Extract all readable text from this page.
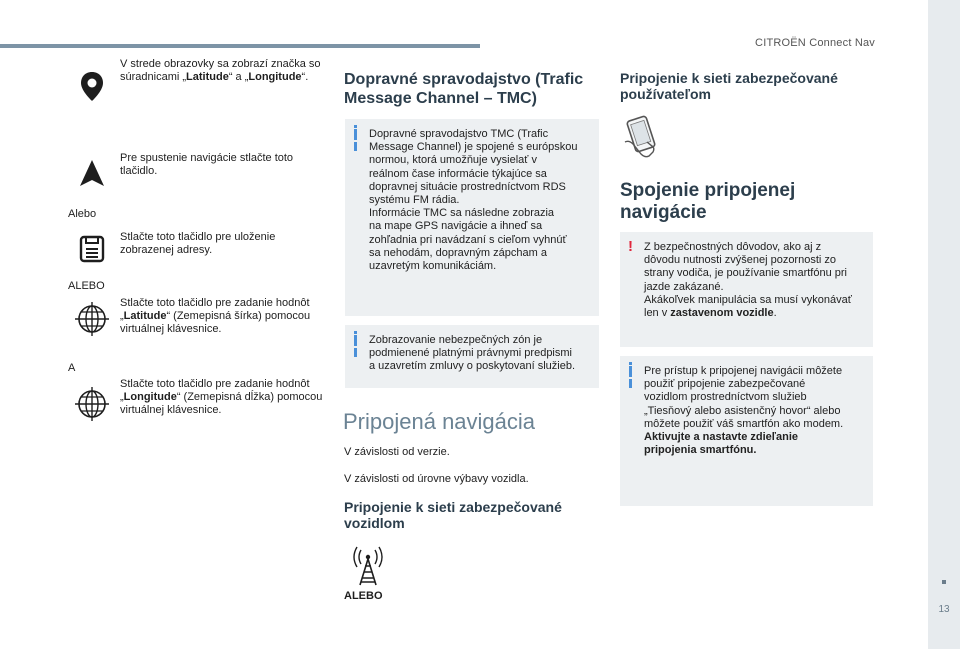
CITROËN Connect Nav
13
V strede obrazovky sa zobrazí značka so súradnicami „Latitude“ a „Longitude“.
Pre spustenie navigácie stlačte toto tlačidlo.
Alebo
Stlačte toto tlačidlo pre uloženie zobrazenej adresy.
ALEBO
Stlačte toto tlačidlo pre zadanie hodnôt „Latitude“ (Zemepisná šírka) pomocou virtuálnej klávesnice.
A
Stlačte toto tlačidlo pre zadanie hodnôt „Longitude“ (Zemepisná dĺžka) pomocou virtuálnej klávesnice.
Dopravné spravodajstvo (Trafic
Message Channel – TMC)
Dopravné spravodajstvo TMC (Trafic
Message Channel) je spojené s európskou
normou, ktorá umožňuje vysielať v
reálnom čase informácie týkajúce sa
dopravnej situácie prostredníctvom RDS
systému FM rádia.
Informácie TMC sa následne zobrazia
na mape GPS navigácie a ihneď sa
zohľadnia pri navádzaní s cieľom vyhnúť
sa nehodám, dopravným zápcham a
uzavretým komunikáciám.
Zobrazovanie nebezpečných zón je
podmienené platnými právnymi predpismi
a uzavretím zmluvy o poskytovaní služieb.
Pripojená navigácia
V závislosti od verzie.
V závislosti od úrovne výbavy vozidla.
Pripojenie k sieti zabezpečované
vozidlom
ALEBO
Pripojenie k sieti zabezpečované
používateľom
Spojenie pripojenej
navigácie
! Z bezpečnostných dôvodov, ako aj z
dôvodu nutnosti zvýšenej pozornosti zo
strany vodiča, je používanie smartfónu pri
jazde zakázané.
Akákoľvek manipulácia sa musí vykonávať
len v zastavenom vozidle.
Pre prístup k pripojenej navigácii môžete
použiť pripojenie zabezpečované
vozidlom prostredníctvom služieb
„Tiesňový alebo asistenčný hovor“ alebo
môžete použiť váš smartfón ako modem.
Aktivujte a nastavte zdieľanie
pripojenia smartfónu.
